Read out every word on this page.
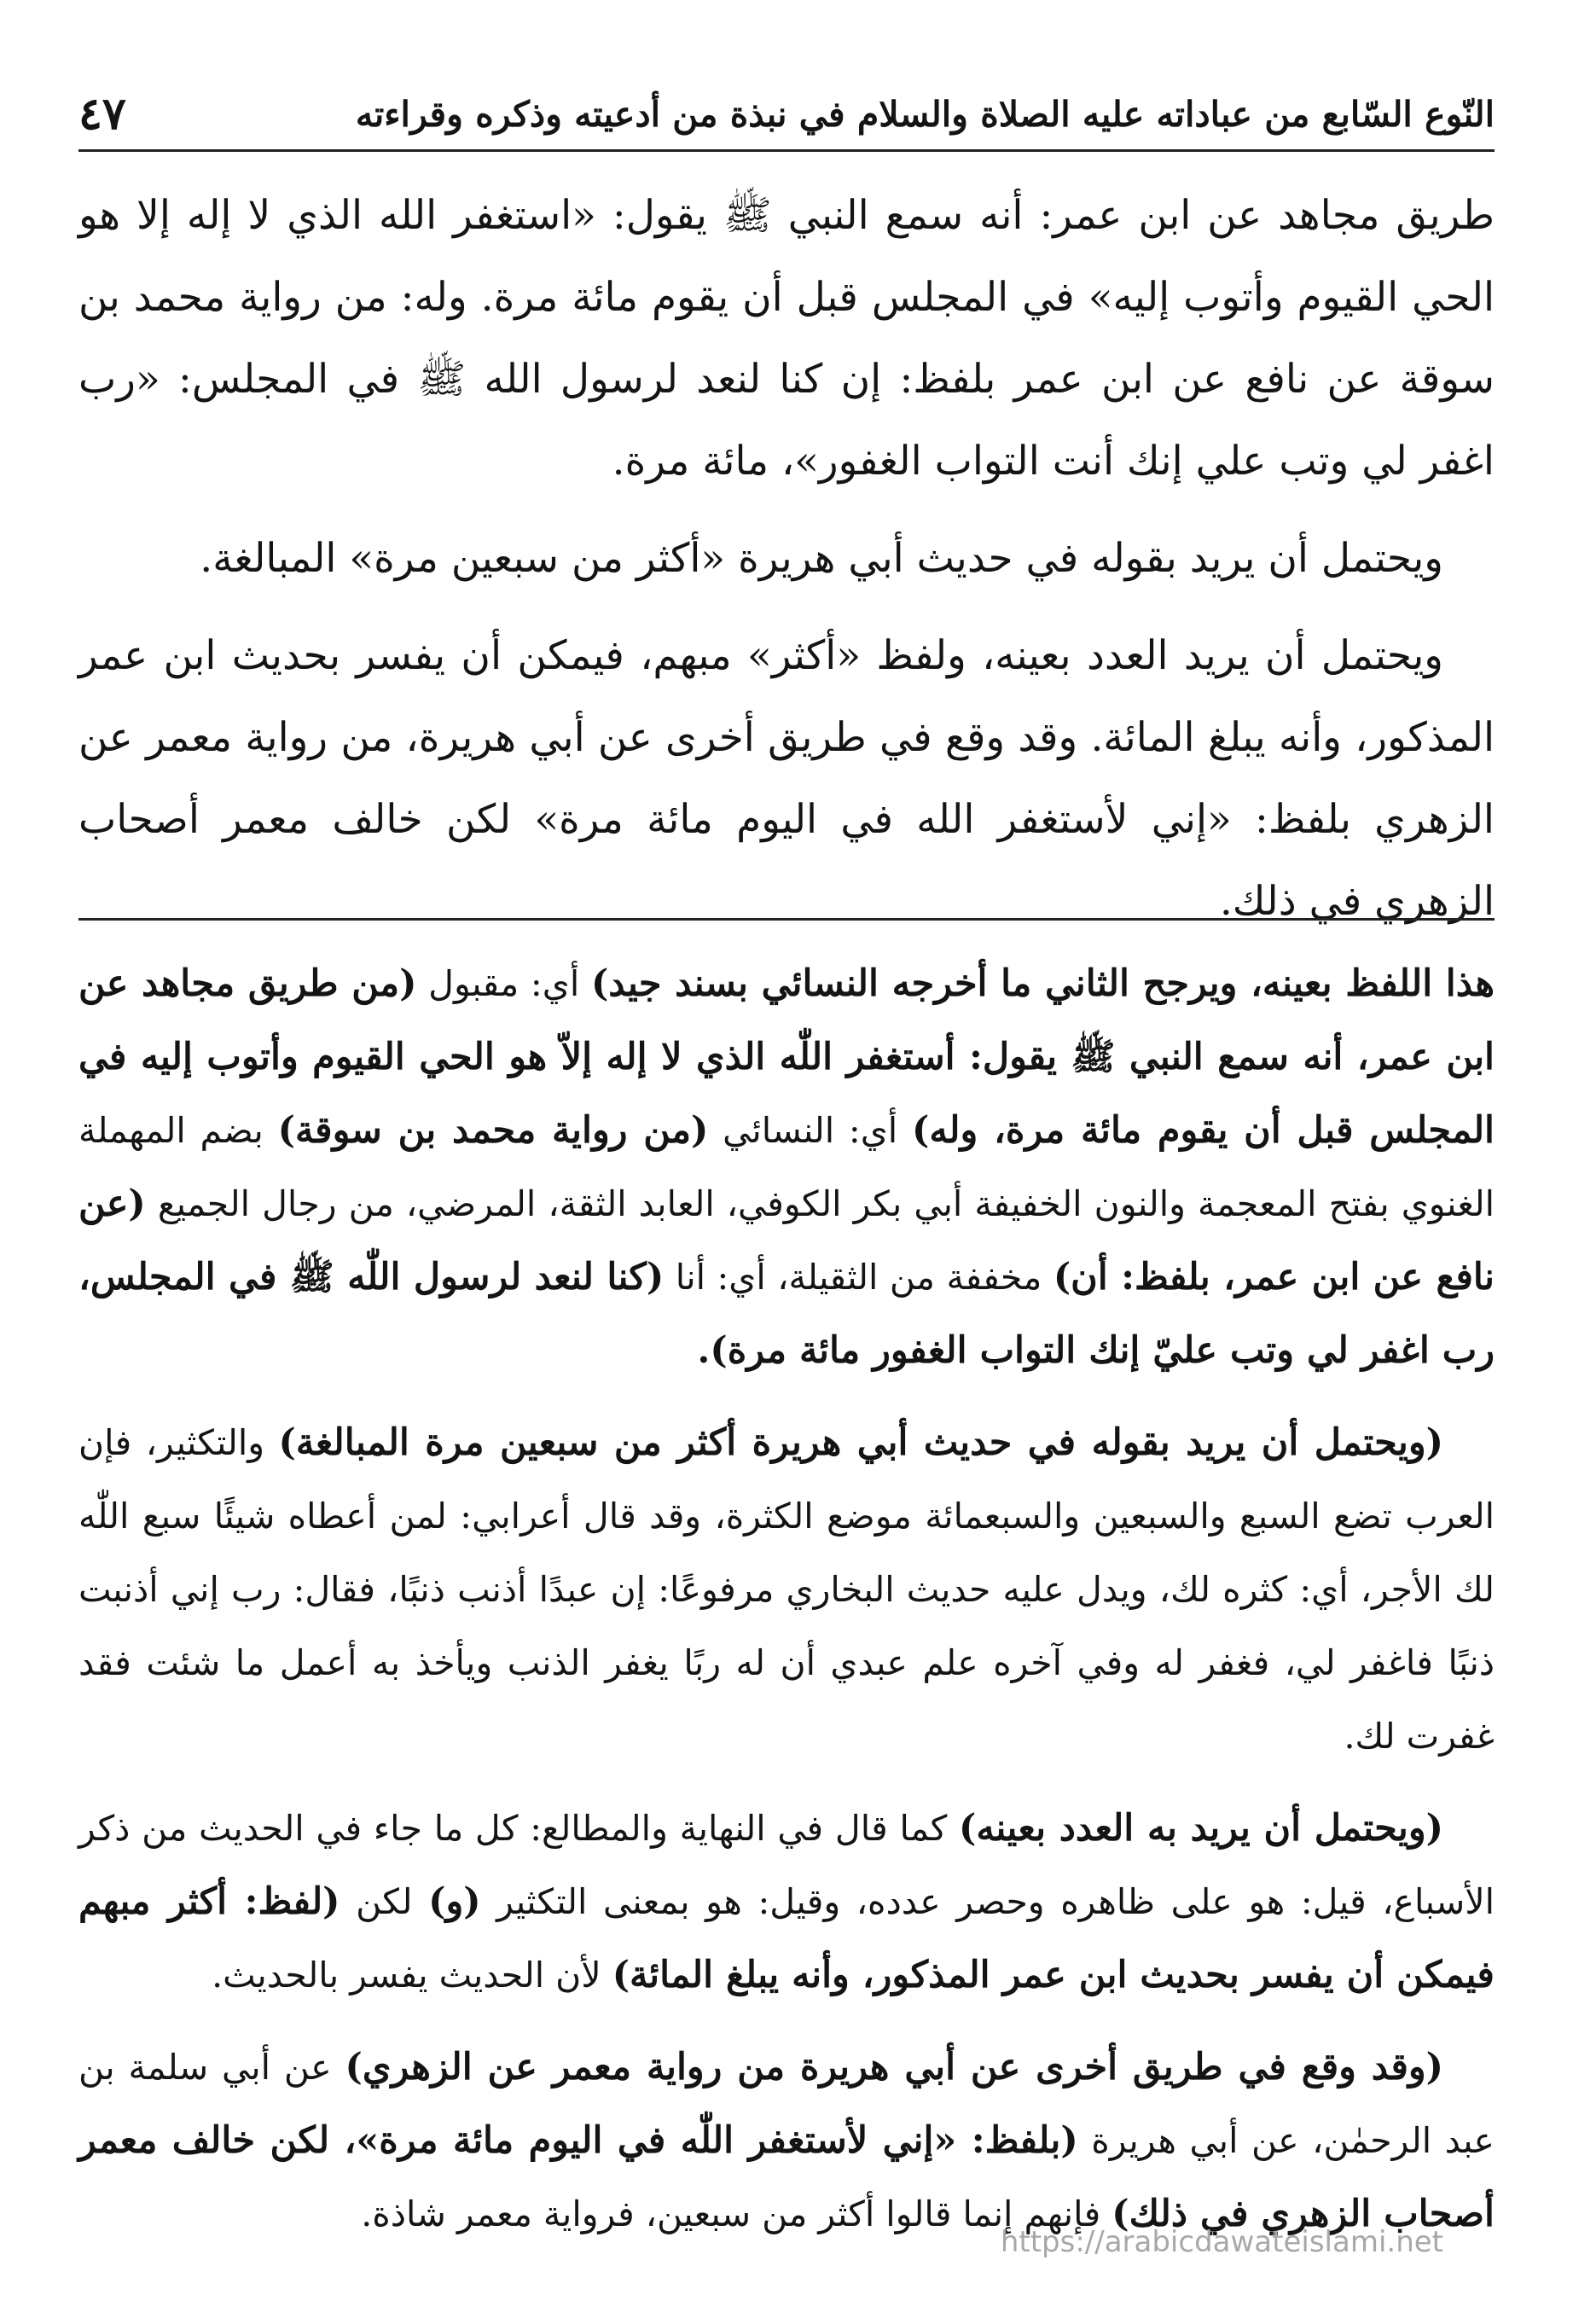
النّوع السّابع من عباداته عليه الصلاة والسلام في نبذة من أدعيته وذكره وقراءته
٤٧

طريق مجاهد عن ابن عمر: أنه سمع النبي ﷺ يقول: «استغفر الله الذي لا إله إلا هو الحي القيوم وأتوب إليه» في المجلس قبل أن يقوم مائة مرة. وله: من رواية محمد بن سوقة عن نافع عن ابن عمر بلفظ: إن كنا لنعد لرسول الله ﷺ في المجلس: «رب اغفر لي وتب علي إنك أنت التواب الغفور»، مائة مرة.

ويحتمل أن يريد بقوله في حديث أبي هريرة «أكثر من سبعين مرة» المبالغة.

ويحتمل أن يريد العدد بعينه، ولفظ «أكثر» مبهم، فيمكن أن يفسر بحديث ابن عمر المذكور، وأنه يبلغ المائة. وقد وقع في طريق أخرى عن أبي هريرة، من رواية معمر عن الزهري بلفظ: «إني لأستغفر الله في اليوم مائة مرة» لكن خالف معمر أصحاب الزهري في ذلك.

هذا اللفظ بعينه، ويرجح الثاني ما أخرجه النسائي بسند جيد) أي: مقبول (من طريق مجاهد عن ابن عمر، أنه سمع النبي ﷺ يقول: أستغفر اللّٰه الذي لا إله إلاّ هو الحي القيوم وأتوب إليه في المجلس قبل أن يقوم مائة مرة، وله) أي: النسائي (من رواية محمد بن سوقة) بضم المهملة الغنوي بفتح المعجمة والنون الخفيفة أبي بكر الكوفي، العابد الثقة، المرضي، من رجال الجميع (عن نافع عن ابن عمر، بلفظ: أن) مخففة من الثقيلة، أي: أنا (كنا لنعد لرسول اللّٰه ﷺ في المجلس، رب اغفر لي وتب عليّ إنك التواب الغفور مائة مرة).

(ويحتمل أن يريد بقوله في حديث أبي هريرة أكثر من سبعين مرة المبالغة) والتكثير، فإن العرب تضع السبع والسبعين والسبعمائة موضع الكثرة، وقد قال أعرابي: لمن أعطاه شيئًا سبع اللّٰه لك الأجر، أي: كثره لك، ويدل عليه حديث البخاري مرفوعًا: إن عبدًا أذنب ذنبًا، فقال: رب إني أذنبت ذنبًا فاغفر لي، فغفر له وفي آخره علم عبدي أن له ربًا يغفر الذنب ويأخذ به أعمل ما شئت فقد غفرت لك.

(ويحتمل أن يريد به العدد بعينه) كما قال في النهاية والمطالع: كل ما جاء في الحديث من ذكر الأسباع، قيل: هو على ظاهره وحصر عدده، وقيل: هو بمعنى التكثير (و) لكن (لفظ: أكثر مبهم فيمكن أن يفسر بحديث ابن عمر المذكور، وأنه يبلغ المائة) لأن الحديث يفسر بالحديث.

(وقد وقع في طريق أخرى عن أبي هريرة من رواية معمر عن الزهري) عن أبي سلمة بن عبد الرحمٰن، عن أبي هريرة (بلفظ: «إني لأستغفر اللّٰه في اليوم مائة مرة»، لكن خالف معمر أصحاب الزهري في ذلك) فإنهم إنما قالوا أكثر من سبعين، فرواية معمر شاذة.

https://arabicdawateislami.net
